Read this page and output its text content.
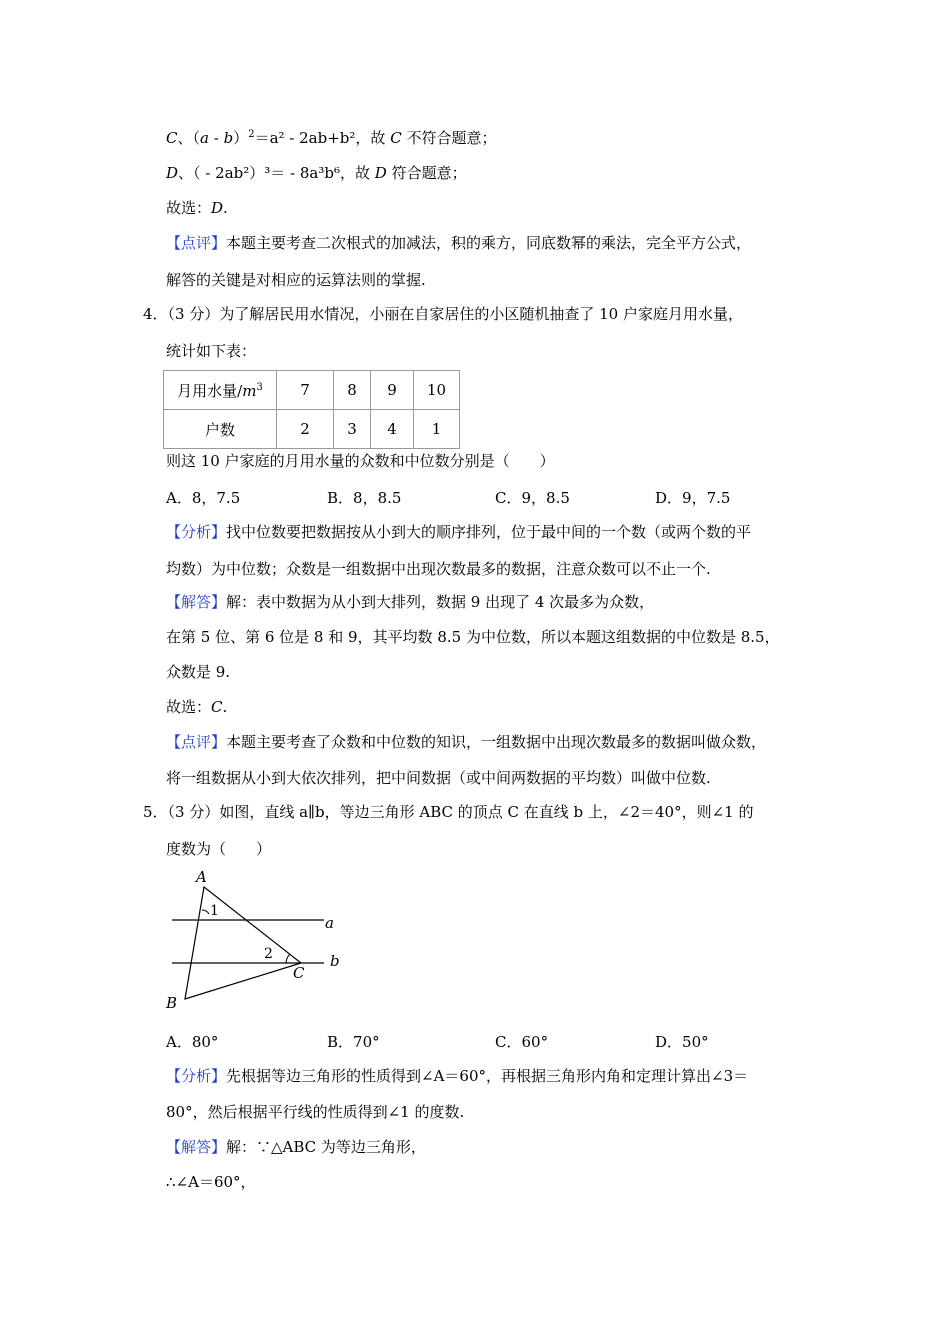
C、（a - b）$^2$＝a² - 2ab+b²，故 C 不符合题意；
D、（ - 2ab²）³＝ - 8a³b⁶，故 D 符合题意；
故选：D.
【点评】本题主要考查二次根式的加减法，积的乘方，同底数幂的乘法，完全平方公式，
解答的关键是对相应的运算法则的掌握.
4．（3 分）为了解居民用水情况，小丽在自家居住的小区随机抽查了 10 户家庭月用水量，
统计如下表：
月用水量$/m^3$	7	8	9	10
户数	2	3	4	1
则这 10 户家庭的月用水量的众数和中位数分别是（　　）
A．8，7.5	B．8，8.5	C．9，8.5	D．9，7.5
【分析】找中位数要把数据按从小到大的顺序排列，位于最中间的一个数（或两个数的平
均数）为中位数；众数是一组数据中出现次数最多的数据，注意众数可以不止一个.
【解答】解：表中数据为从小到大排列，数据 9 出现了 4 次最多为众数，
在第 5 位、第 6 位是 8 和 9，其平均数 8.5 为中位数，所以本题这组数据的中位数是 8.5，
众数是 9.
故选：C.
【点评】本题主要考查了众数和中位数的知识，一组数据中出现次数最多的数据叫做众数，
将一组数据从小到大依次排列，把中间数据（或中间两数据的平均数）叫做中位数.
5．（3 分）如图，直线 a∥b，等边三角形 ABC 的顶点 C 在直线 b 上，∠2＝40°，则∠1 的
度数为（　　）
A
B
C
a
b
1
2
A．80°	B．70°	C．60°	D．50°
【分析】先根据等边三角形的性质得到∠A＝60°，再根据三角形内角和定理计算出∠3＝
80°，然后根据平行线的性质得到∠1 的度数.
【解答】解：∵△ABC 为等边三角形，
∴∠A＝60°，
